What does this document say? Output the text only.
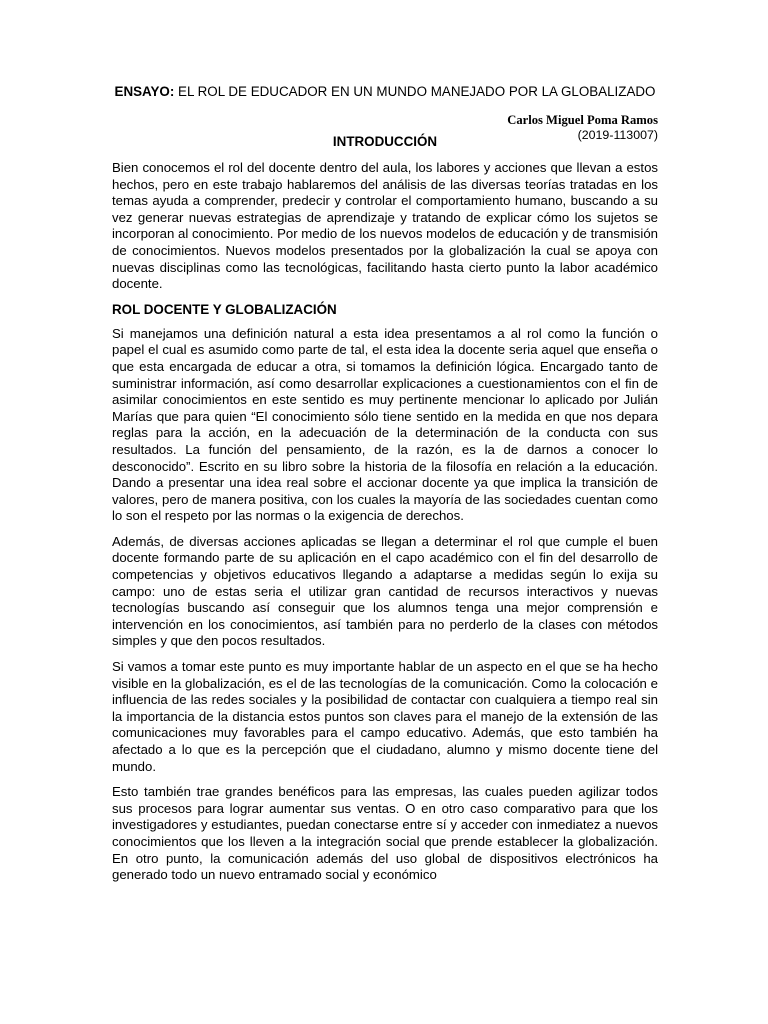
ENSAYO: EL ROL DE EDUCADOR EN UN MUNDO MANEJADO POR LA GLOBALIZADO
Carlos Miguel Poma Ramos
(2019-113007)
INTRODUCCIÓN

Bien conocemos el rol del docente dentro del aula, los labores y acciones que llevan a estos hechos, pero en este trabajo hablaremos del análisis de las diversas teorías tratadas en los temas ayuda a comprender, predecir y controlar el comportamiento humano, buscando a su vez generar nuevas estrategias de aprendizaje y tratando de explicar cómo los sujetos se incorporan al conocimiento. Por medio de los nuevos modelos de educación y de transmisión de conocimientos. Nuevos modelos presentados por la globalización la cual se apoya con nuevas disciplinas como las tecnológicas, facilitando hasta cierto punto la labor académico docente.

ROL DOCENTE Y GLOBALIZACIÓN

Si manejamos una definición natural a esta idea presentamos a al rol como la función o papel el cual es asumido como parte de tal, el esta idea la docente seria aquel que enseña o que esta encargada de educar a otra, si tomamos la definición lógica. Encargado tanto de suministrar información, así como desarrollar explicaciones a cuestionamientos con el fin de asimilar conocimientos en este sentido es muy pertinente mencionar lo aplicado por Julián Marías que para quien “El conocimiento sólo tiene sentido en la medida en que nos depara reglas para la acción, en la adecuación de la determinación de la conducta con sus resultados. La función del pensamiento, de la razón, es la de darnos a conocer lo desconocido”. Escrito en su libro sobre la historia de la filosofía en relación a la educación. Dando a presentar una idea real sobre el accionar docente ya que implica la transición de valores, pero de manera positiva, con los cuales la mayoría de las sociedades cuentan como lo son el respeto por las normas o la exigencia de derechos.

Además, de diversas acciones aplicadas se llegan a determinar el rol que cumple el buen docente formando parte de su aplicación en el capo académico con el fin del desarrollo de competencias y objetivos educativos llegando a adaptarse a medidas según lo exija su campo: uno de estas seria el utilizar gran cantidad de recursos interactivos y nuevas tecnologías buscando así conseguir que los alumnos tenga una mejor comprensión e intervención en los conocimientos, así también para no perderlo de la clases con métodos simples y que den pocos resultados.

Si vamos a tomar este punto es muy importante hablar de un aspecto en el que se ha hecho visible en la globalización, es el de las tecnologías de la comunicación. Como la colocación e influencia de las redes sociales y la posibilidad de contactar con cualquiera a tiempo real sin la importancia de la distancia estos puntos son claves para el manejo de la extensión de las comunicaciones muy favorables para el campo educativo. Además, que esto también ha afectado a lo que es la percepción que el ciudadano, alumno y mismo docente tiene del mundo.

Esto también trae grandes benéficos para las empresas, las cuales pueden agilizar todos sus procesos para lograr aumentar sus ventas. O en otro caso comparativo para que los investigadores y estudiantes, puedan conectarse entre sí y acceder con inmediatez a nuevos conocimientos que los lleven a la integración social que prende establecer la globalización. En otro punto, la comunicación además del uso global de dispositivos electrónicos ha generado todo un nuevo entramado social y económico
